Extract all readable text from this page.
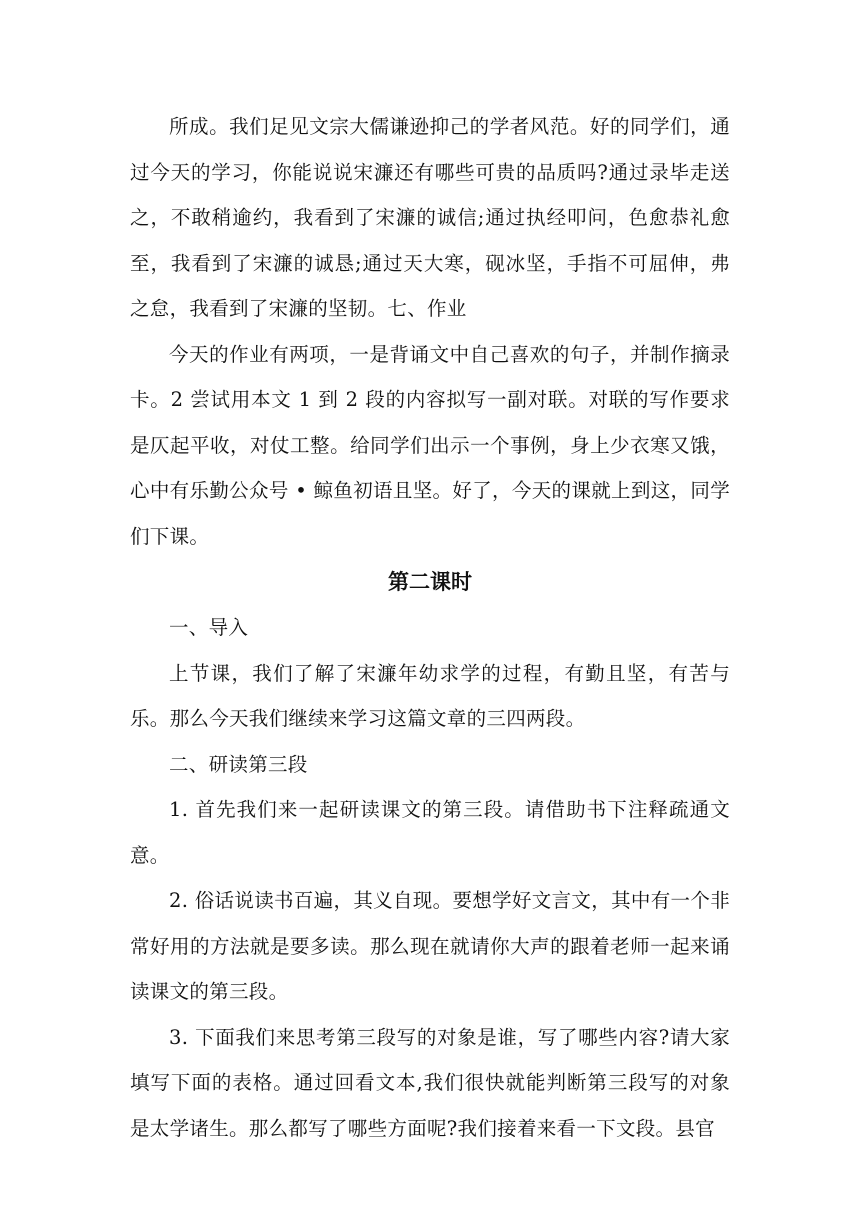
所成。我们足见文宗大儒谦逊抑己的学者风范。好的同学们，通过今天的学习，你能说说宋濂还有哪些可贵的品质吗?通过录毕走送之，不敢稍逾约，我看到了宋濂的诚信;通过执经叩问，色愈恭礼愈至，我看到了宋濂的诚恳;通过天大寒，砚冰坚，手指不可屈伸，弗之怠，我看到了宋濂的坚韧。七、作业

今天的作业有两项，一是背诵文中自己喜欢的句子，并制作摘录卡。2 尝试用本文 1 到 2 段的内容拟写一副对联。对联的写作要求是仄起平收，对仗工整。给同学们出示一个事例，身上少衣寒又饿，心中有乐勤公众号 • 鲸鱼初语且坚。好了，今天的课就上到这，同学们下课。

第二课时

一、导入

上节课，我们了解了宋濂年幼求学的过程，有勤且坚，有苦与乐。那么今天我们继续来学习这篇文章的三四两段。

二、研读第三段

1. 首先我们来一起研读课文的第三段。请借助书下注释疏通文意。

2. 俗话说读书百遍，其义自现。要想学好文言文，其中有一个非常好用的方法就是要多读。那么现在就请你大声的跟着老师一起来诵读课文的第三段。

3. 下面我们来思考第三段写的对象是谁，写了哪些内容?请大家填写下面的表格。通过回看文本,我们很快就能判断第三段写的对象是太学诸生。那么都写了哪些方面呢?我们接着来看一下文段。县官
